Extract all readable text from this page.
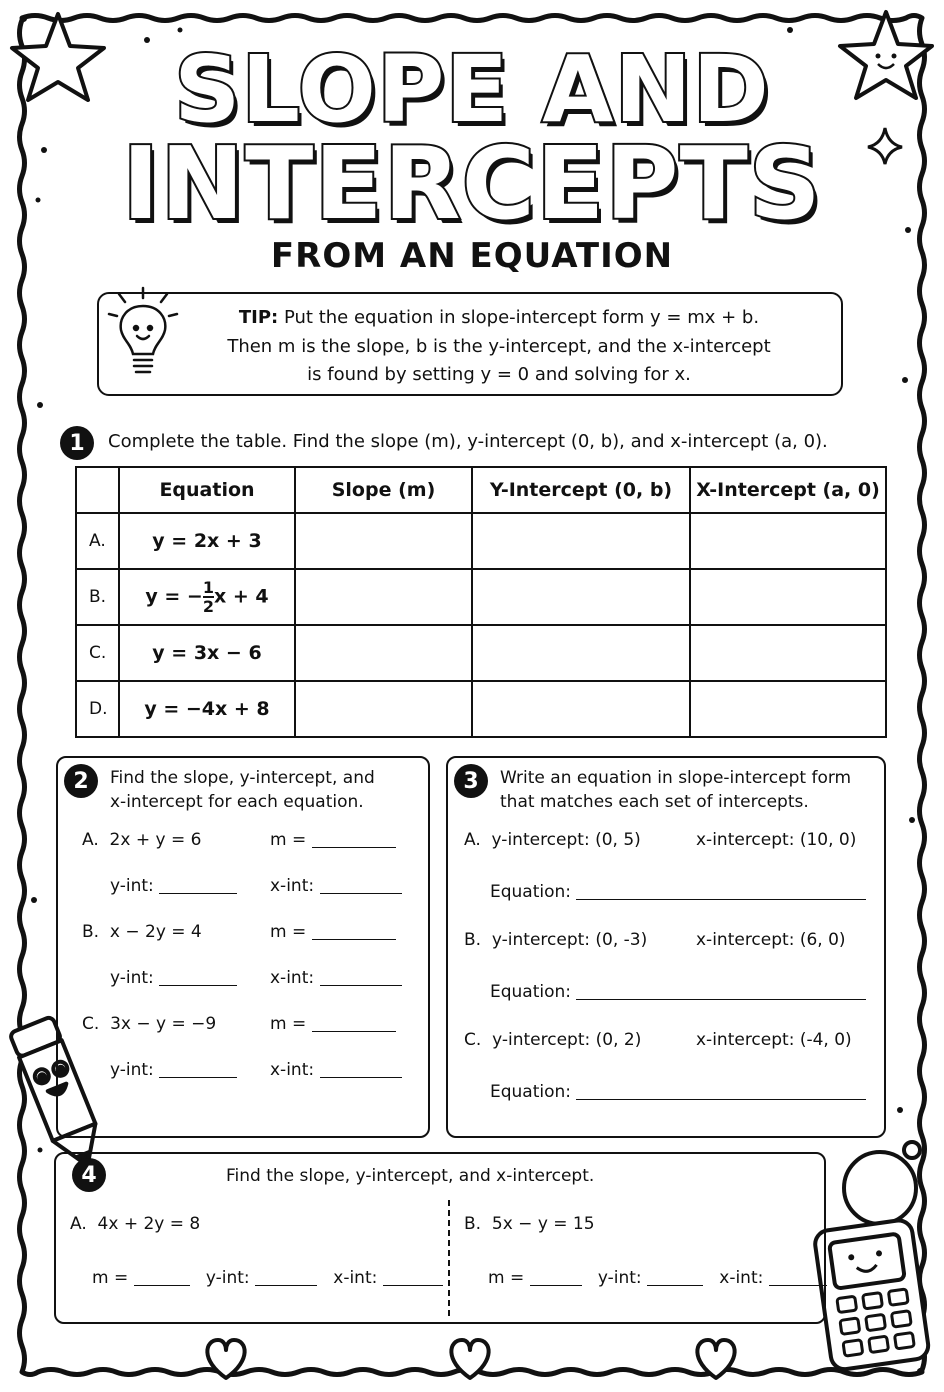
SLOPE AND
INTERCEPTS
FROM AN EQUATION
TIP: Put the equation in slope-intercept form y = mx + b.
Then m is the slope, b is the y-intercept, and the x-intercept
is found by setting y = 0 and solving for x.
1	Complete the table. Find the slope (m), y-intercept (0, b), and x-intercept (a, 0).
	Equation	Slope (m)	Y-Intercept (0, b)	X-Intercept (a, 0)
A.	y = 2x + 3			
B.	y = − $\frac{1}{2}$ x + 4			
C.	y = 3x − 6			
D.	y = −4x + 8			
2	Find the slope, y-intercept, and
x-intercept for each equation.
A. 2x + y = 6	m =
y-int:	x-int:
B. x − 2y = 4	m =
y-int:	x-int:
C. 3x − y = −9	m =
y-int:	x-int:
3	Write an equation in slope-intercept form
that matches each set of intercepts.
A. y-intercept: (0, 5)	x-intercept: (10, 0)
Equation:
B. y-intercept: (0, -3)	x-intercept: (6, 0)
Equation:
C. y-intercept: (0, 2)	x-intercept: (-4, 0)
Equation:
4	Find the slope, y-intercept, and x-intercept.
A. 4x + 2y = 8
m =	y-int:	x-int:
B. 5x − y = 15
m =	y-int:	x-int:
